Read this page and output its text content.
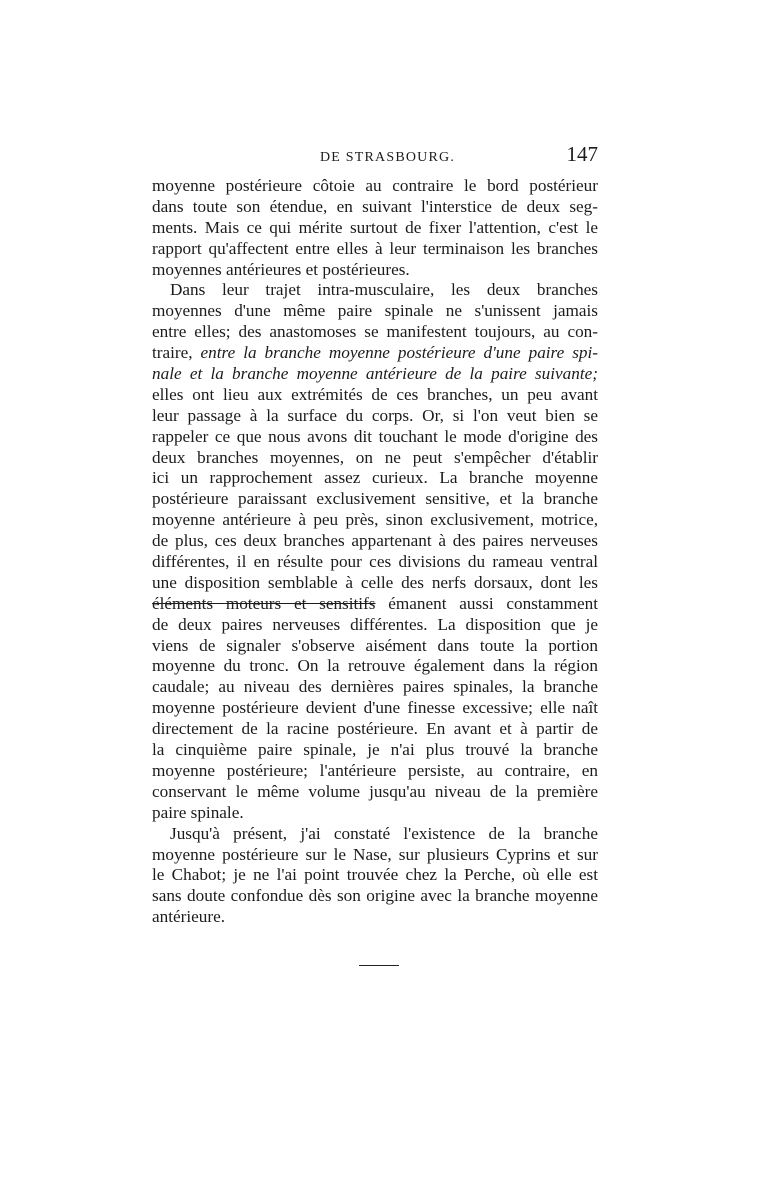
DE STRASBOURG.	147
moyenne postérieure côtoie au contraire le bord postérieur
dans toute son étendue, en suivant l'interstice de deux seg-
ments. Mais ce qui mérite surtout de fixer l'attention, c'est le
rapport qu'affectent entre elles à leur terminaison les branches
moyennes antérieures et postérieures.
Dans leur trajet intra-musculaire, les deux branches
moyennes d'une même paire spinale ne s'unissent jamais
entre elles; des anastomoses se manifestent toujours, au con-
traire, entre la branche moyenne postérieure d'une paire spi-
nale et la branche moyenne antérieure de la paire suivante;
elles ont lieu aux extrémités de ces branches, un peu avant
leur passage à la surface du corps. Or, si l'on veut bien se
rappeler ce que nous avons dit touchant le mode d'origine des
deux branches moyennes, on ne peut s'empêcher d'établir
ici un rapprochement assez curieux. La branche moyenne
postérieure paraissant exclusivement sensitive, et la branche
moyenne antérieure à peu près, sinon exclusivement, motrice,
de plus, ces deux branches appartenant à des paires nerveuses
différentes, il en résulte pour ces divisions du rameau ventral
une disposition semblable à celle des nerfs dorsaux, dont les
éléments moteurs et sensitifs émanent aussi constamment
de deux paires nerveuses différentes. La disposition que je
viens de signaler s'observe aisément dans toute la portion
moyenne du tronc. On la retrouve également dans la région
caudale; au niveau des dernières paires spinales, la branche
moyenne postérieure devient d'une finesse excessive; elle naît
directement de la racine postérieure. En avant et à partir de
la cinquième paire spinale, je n'ai plus trouvé la branche
moyenne postérieure; l'antérieure persiste, au contraire, en
conservant le même volume jusqu'au niveau de la première
paire spinale.
Jusqu'à présent, j'ai constaté l'existence de la branche
moyenne postérieure sur le Nase, sur plusieurs Cyprins et sur
le Chabot; je ne l'ai point trouvée chez la Perche, où elle est
sans doute confondue dès son origine avec la branche moyenne
antérieure.
